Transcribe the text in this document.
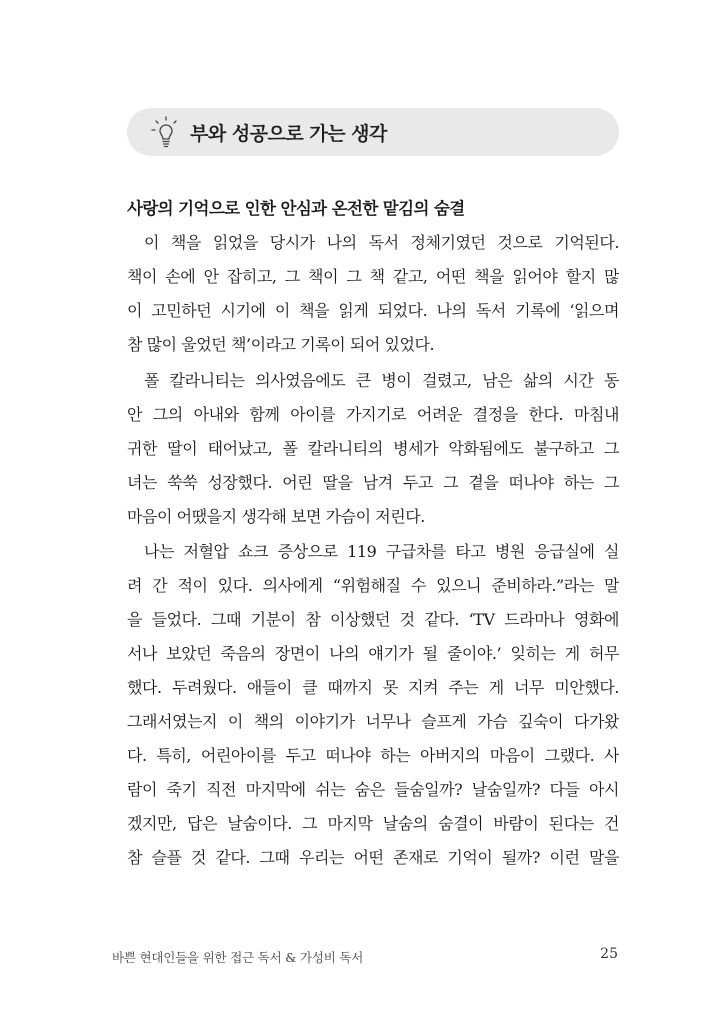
부와 성공으로 가는 생각
사랑의 기억으로 인한 안심과 온전한 맡김의 숨결
이 책을 읽었을 당시가 나의 독서 정체기였던 것으로 기억된다.
책이 손에 안 잡히고, 그 책이 그 책 같고, 어떤 책을 읽어야 할지 많
이 고민하던 시기에 이 책을 읽게 되었다. 나의 독서 기록에 ‘읽으며
참 많이 울었던 책’이라고 기록이 되어 있었다.
폴 칼라니티는 의사였음에도 큰 병이 걸렸고, 남은 삶의 시간 동
안 그의 아내와 함께 아이를 가지기로 어려운 결정을 한다. 마침내
귀한 딸이 태어났고, 폴 칼라니티의 병세가 악화됨에도 불구하고 그
녀는 쑥쑥 성장했다. 어린 딸을 남겨 두고 그 곁을 떠나야 하는 그
마음이 어땠을지 생각해 보면 가슴이 저린다.
나는 저혈압 쇼크 증상으로 119 구급차를 타고 병원 응급실에 실
려 간 적이 있다. 의사에게 “위험해질 수 있으니 준비하라.”라는 말
을 들었다. 그때 기분이 참 이상했던 것 같다. ‘TV 드라마나 영화에
서나 보았던 죽음의 장면이 나의 얘기가 될 줄이야.’ 잊히는 게 허무
했다. 두려웠다. 애들이 클 때까지 못 지켜 주는 게 너무 미안했다.
그래서였는지 이 책의 이야기가 너무나 슬프게 가슴 깊숙이 다가왔
다. 특히, 어린아이를 두고 떠나야 하는 아버지의 마음이 그랬다. 사
람이 죽기 직전 마지막에 쉬는 숨은 들숨일까? 날숨일까? 다들 아시
겠지만, 답은 날숨이다. 그 마지막 날숨의 숨결이 바람이 된다는 건
참 슬플 것 같다. 그때 우리는 어떤 존재로 기억이 될까? 이런 말을
바쁜 현대인들을 위한 접근 독서 & 가성비 독서	25
